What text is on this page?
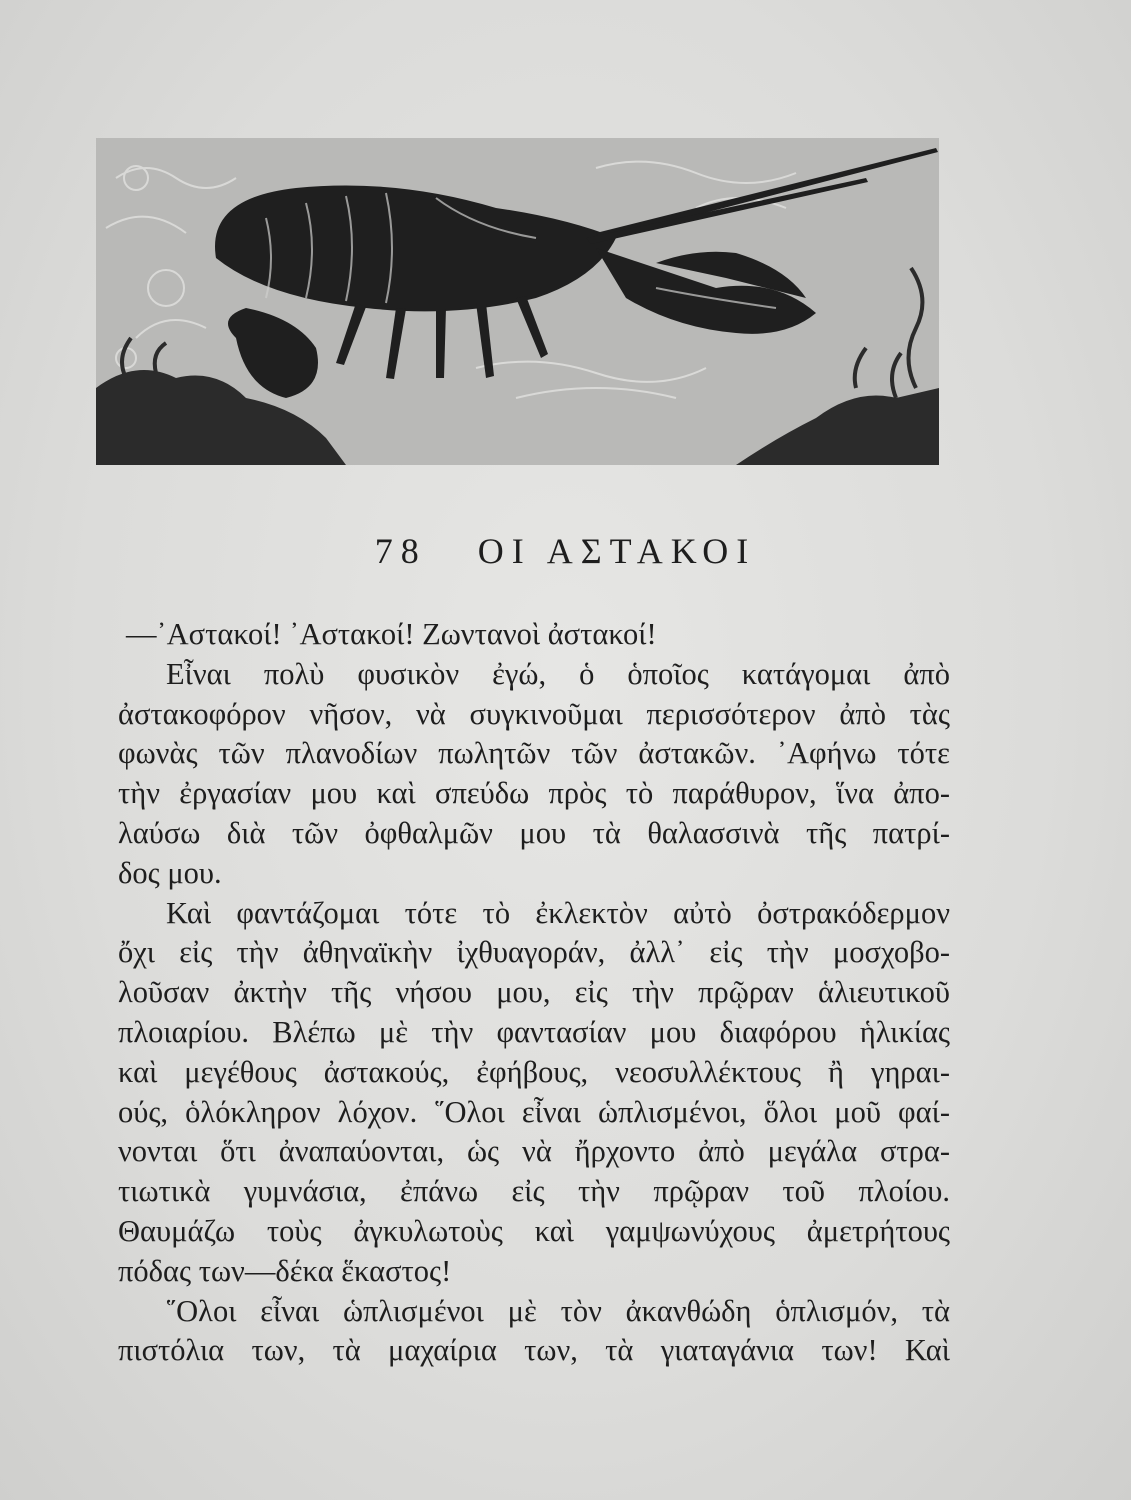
78 ΟΙ ΑΣΤΑΚΟΙ
—᾿Αστακοί! ᾿Αστακοί! Ζωντανοὶ ἀστακοί!
Εἶναι πολὺ φυσικὸν ἐγώ, ὁ ὁποῖος κατάγομαι ἀπὸ
ἀστακοφόρον νῆσον, νὰ συγκινοῦμαι περισσότερον ἀπὸ τὰς
φωνὰς τῶν πλανοδίων πωλητῶν τῶν ἀστακῶν. ᾿Αφήνω τότε
τὴν ἐργασίαν μου καὶ σπεύδω πρὸς τὸ παράθυρον, ἵνα ἀπο-
λαύσω διὰ τῶν ὀφθαλμῶν μου τὰ θαλασσινὰ τῆς πατρί-
δος μου.
Καὶ φαντάζομαι τότε τὸ ἐκλεκτὸν αὐτὸ ὀστρακόδερμον
ὄχι εἰς τὴν ἀθηναϊκὴν ἰχθυαγοράν, ἀλλ᾿ εἰς τὴν μοσχοβο-
λοῦσαν ἀκτὴν τῆς νήσου μου, εἰς τὴν πρῷραν ἁλιευτικοῦ
πλοιαρίου. Βλέπω μὲ τὴν φαντασίαν μου διαφόρου ἡλικίας
καὶ μεγέθους ἀστακούς, ἐφήβους, νεοσυλλέκτους ἢ γηραι-
ούς, ὁλόκληρον λόχον. ῞Ολοι εἶναι ὡπλισμένοι, ὅλοι μοῦ φαί-
νονται ὅτι ἀναπαύονται, ὡς νὰ ἤρχοντο ἀπὸ μεγάλα στρα-
τιωτικὰ γυμνάσια, ἐπάνω εἰς τὴν πρῷραν τοῦ πλοίου.
Θαυμάζω τοὺς ἀγκυλωτοὺς καὶ γαμψωνύχους ἀμετρήτους
πόδας των—δέκα ἕκαστος!
῞Ολοι εἶναι ὡπλισμένοι μὲ τὸν ἀκανθώδη ὁπλισμόν, τὰ
πιστόλια των, τὰ μαχαίρια των, τὰ γιαταγάνια των! Καὶ
